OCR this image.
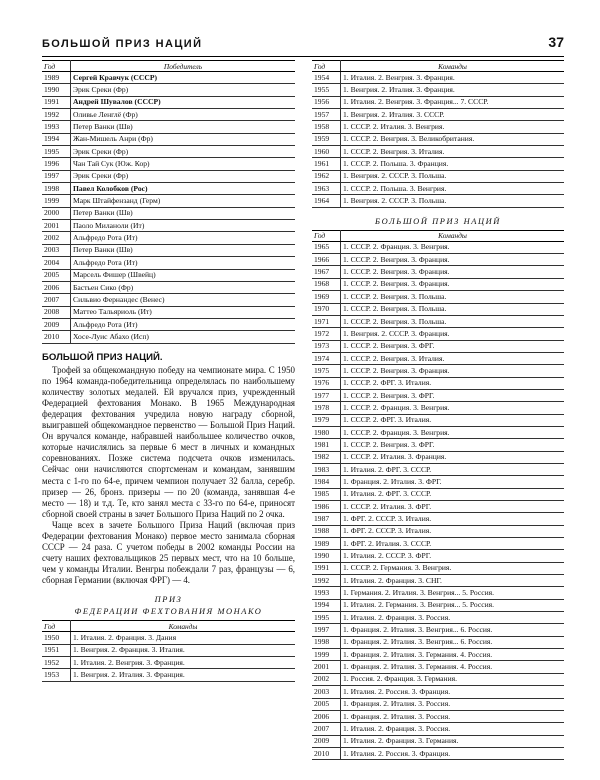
БОЛЬШОЙ ПРИЗ НАЦИЙ	37
Год	Победитель
1989	Сергей Кравчук (СССР)
1990	Эрик Среки (Фр)
1991	Андрей Шувалов (СССР)
1992	Оливье Ленглё (Фр)
1993	Петер Ванки (Шв)
1994	Жан-Мишель Анри (Фр)
1995	Эрик Среки (Фр)
1996	Чан Тай Сук (Юж. Кор)
1997	Эрик Среки (Фр)
1998	Павел Колобков (Рос)
1999	Марк Штайфензанд (Герм)
2000	Петер Ванки (Шв)
2001	Паоло Миланоли (Ит)
2002	Альфредо Рота (Ит)
2003	Петер Ванки (Шв)
2004	Альфредо Рота (Ит)
2005	Марсель Фишер (Швейц)
2006	Бастьен Сико (Фр)
2007	Сильвио Фернандес (Венес)
2008	Маттео Тальяриоль (Ит)
2009	Альфредо Рота (Ит)
2010	Хосе-Луис Абахо (Исп)
БОЛЬШОЙ ПРИЗ НАЦИЙ.

Трофей за общекомандную победу на чемпионате мира. С 1950 по 1964 команда-победительница определялась по наибольшему количеству золотых медалей. Ей вручался приз, учрежденный Федерацией фехтования Монако. В 1965 Международная федерация фехтования учредила новую награду сборной, выигравшей общекомандное первенство — Большой Приз Наций. Он вручался команде, набравшей наибольшее количество очков, которые начислялись за первые 6 мест в личных и командных соревнованиях. Позже система подсчета очков изменилась. Сейчас они начисляются спортсменам и командам, занявшим места с 1-го по 64-е, причем чемпион получает 32 балла, серебр. призер — 26, бронз. призеры — по 20 (команда, занявшая 4-е место — 18) и т.д. Те, кто занял места с 33-го по 64-е, приносят сборной своей страны в зачет Большого Приза Наций по 2 очка.

Чаще всех в зачете Большого Приза Наций (включая приз Федерации фехтования Монако) первое место занимала сборная СССР — 24 раза. С учетом победы в 2002 команды России на счету наших фехтовальщиков 25 первых мест, что на 10 больше, чем у команды Италии. Венгры побеждали 7 раз, французы — 6, сборная Германии (включая ФРГ) — 4.

ПРИЗ
ФЕДЕРАЦИИ ФЕХТОВАНИЯ МОНАКО
Год	Команды
1950	1. Италия. 2. Франция. 3. Дания
1951	1. Венгрия. 2. Франция. 3. Италия.
1952	1. Италия. 2. Венгрия. 3. Франция.
1953	1. Венгрия. 2. Италия. 3. Франция.
Год	Команды
1954	1. Италия. 2. Венгрия. 3. Франция.
1955	1. Венгрия. 2. Италия. 3. Франция.
1956	1. Италия. 2. Венгрия. 3. Франция... 7. СССР.
1957	1. Венгрия. 2. Италия. 3. СССР.
1958	1. СССР. 2. Италия. 3. Венгрия.
1959	1. СССР. 2. Венгрия. 3. Великобритания.
1960	1. СССР. 2. Венгрия. 3. Италия.
1961	1. СССР. 2. Польша. 3. Франция.
1962	1. Венгрия. 2. СССР. 3. Польша.
1963	1. СССР. 2. Польша. 3. Венгрия.
1964	1. Венгрия. 2. СССР. 3. Польша.
БОЛЬШОЙ ПРИЗ НАЦИЙ
Год	Команды
1965	1. СССР. 2. Франция. 3. Венгрия.
1966	1. СССР. 2. Венгрия. 3. Франция.
1967	1. СССР. 2. Венгрия. 3. Франция.
1968	1. СССР. 2. Венгрия. 3. Франция.
1969	1. СССР. 2. Венгрия. 3. Польша.
1970	1. СССР. 2. Венгрия. 3. Польша.
1971	1. СССР. 2. Венгрия. 3. Польша.
1972	1. Венгрия. 2. СССР. 3. Франция.
1973	1. СССР. 2. Венгрия. 3. ФРГ.
1974	1. СССР. 2. Венгрия. 3. Италия.
1975	1. СССР. 2. Венгрия. 3. Франция.
1976	1. СССР. 2. ФРГ. 3. Италия.
1977	1. СССР. 2. Венгрия. 3. ФРГ.
1978	1. СССР. 2. Франция. 3. Венгрия.
1979	1. СССР. 2. ФРГ. 3. Италия.
1980	1. СССР. 2. Франция. 3. Венгрия.
1981	1. СССР. 2. Венгрия. 3. ФРГ.
1982	1. СССР. 2. Италия. 3. Франция.
1983	1. Италия. 2. ФРГ. 3. СССР.
1984	1. Франция. 2. Италия. 3. ФРГ.
1985	1. Италия. 2. ФРГ. 3. СССР.
1986	1. СССР. 2. Италия. 3. ФРГ.
1987	1. ФРГ. 2. СССР. 3. Италия.
1988	1. ФРГ. 2. СССР. 3. Италия.
1989	1. ФРГ. 2. Италия. 3. СССР.
1990	1. Италия. 2. СССР. 3. ФРГ.
1991	1. СССР. 2. Германия. 3. Венгрия.
1992	1. Италия. 2. Франция. 3. СНГ.
1993	1. Германия. 2. Италия. 3. Венгрия... 5. Россия.
1994	1. Италия. 2. Германия. 3. Венгрия... 5. Россия.
1995	1. Италия. 2. Франция. 3. Россия.
1997	1. Франция. 2. Италия. 3. Венгрия... 6. Россия.
1998	1. Франция. 2. Италия. 3. Венгрия... 6. Россия.
1999	1. Франция. 2. Италия. 3. Германия. 4. Россия.
2001	1. Франция. 2. Италия. 3. Германия. 4. Россия.
2002	1. Россия. 2. Франция. 3. Германия.
2003	1. Италия. 2. Россия. 3. Франция.
2005	1. Франция. 2. Италия. 3. Россия.
2006	1. Франция. 2. Италия. 3. Россия.
2007	1. Италия. 2. Франция. 3. Россия.
2009	1. Италия. 2. Франция. 3. Германия.
2010	1. Италия. 2. Россия. 3. Франция.
